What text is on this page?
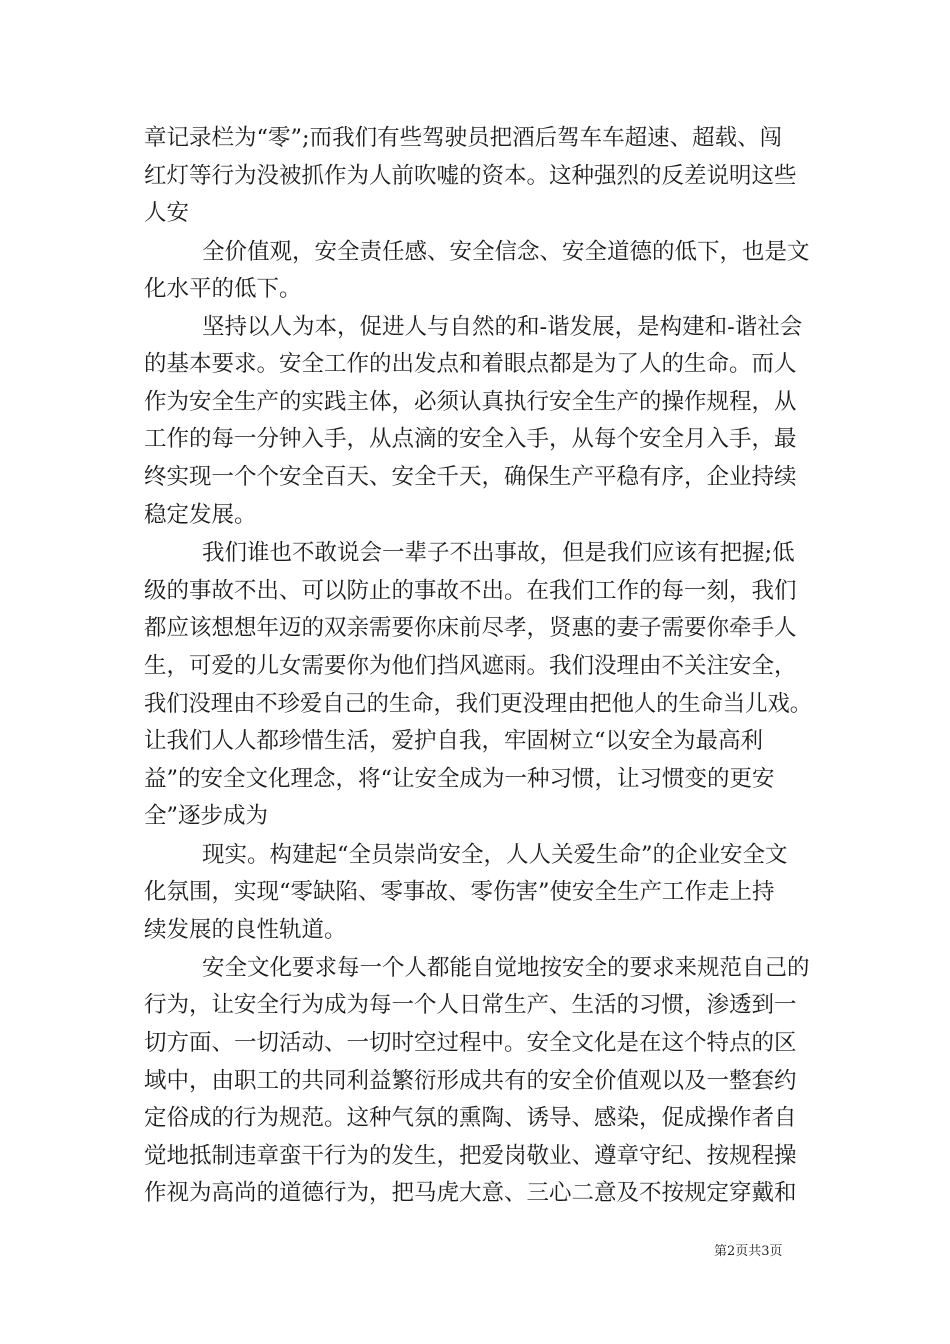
章记录栏为“零”;而我们有些驾驶员把酒后驾车车超速、超载、闯
红灯等行为没被抓作为人前吹嘘的资本。这种强烈的反差说明这些
人安
全价值观，安全责任感、安全信念、安全道德的低下，也是文
化水平的低下。
坚持以人为本，促进人与自然的和-谐发展，是构建和-谐社会
的基本要求。安全工作的出发点和着眼点都是为了人的生命。而人
作为安全生产的实践主体，必须认真执行安全生产的操作规程，从
工作的每一分钟入手，从点滴的安全入手，从每个安全月入手，最
终实现一个个安全百天、安全千天，确保生产平稳有序，企业持续
稳定发展。
我们谁也不敢说会一辈子不出事故，但是我们应该有把握;低
级的事故不出、可以防止的事故不出。在我们工作的每一刻，我们
都应该想想年迈的双亲需要你床前尽孝，贤惠的妻子需要你牵手人
生，可爱的儿女需要你为他们挡风遮雨。我们没理由不关注安全，
我们没理由不珍爱自己的生命，我们更没理由把他人的生命当儿戏。
让我们人人都珍惜生活，爱护自我，牢固树立“以安全为最高利
益”的安全文化理念，将“让安全成为一种习惯，让习惯变的更安
全”逐步成为
现实。构建起“全员崇尚安全，人人关爱生命”的企业安全文
化氛围，实现“零缺陷、零事故、零伤害”使安全生产工作走上持
续发展的良性轨道。
安全文化要求每一个人都能自觉地按安全的要求来规范自己的
行为，让安全行为成为每一个人日常生产、生活的习惯，渗透到一
切方面、一切活动、一切时空过程中。安全文化是在这个特点的区
域中，由职工的共同利益繁衍形成共有的安全价值观以及一整套约
定俗成的行为规范。这种气氛的熏陶、诱导、感染，促成操作者自
觉地抵制违章蛮干行为的发生，把爱岗敬业、遵章守纪、按规程操
作视为高尚的道德行为，把马虎大意、三心二意及不按规定穿戴和
第2页共3页
